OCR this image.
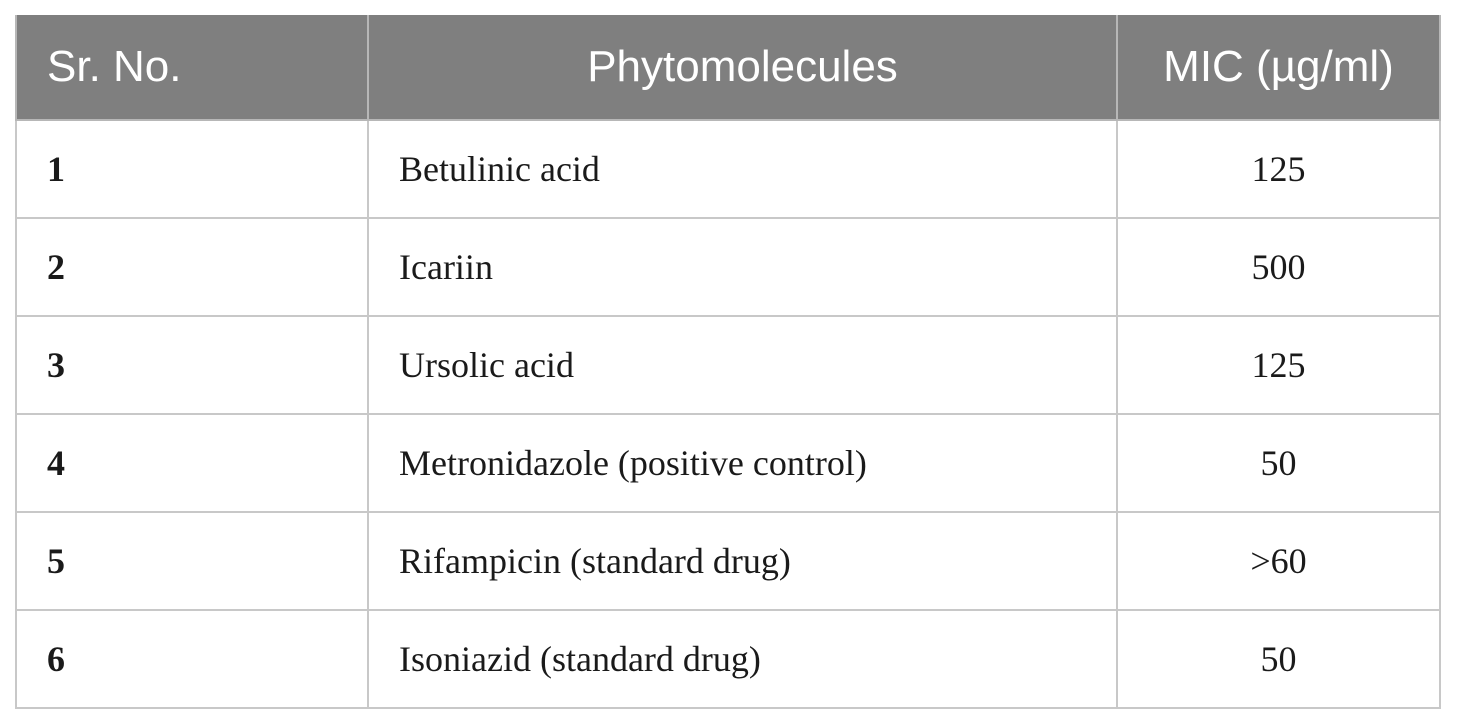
Sr. No.	Phytomolecules	MIC (µg/ml)
1	Betulinic acid	125
2	Icariin	500
3	Ursolic acid	125
4	Metronidazole (positive control)	50
5	Rifampicin (standard drug)	>60
6	Isoniazid (standard drug)	50
